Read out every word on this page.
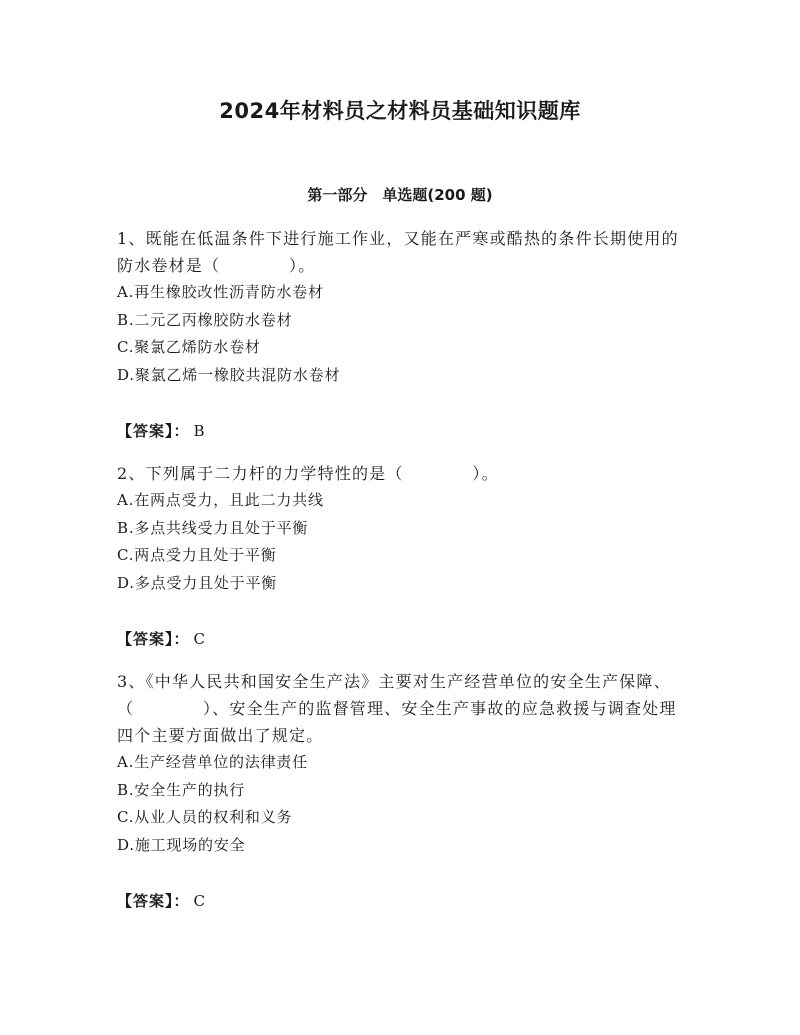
2024年材料员之材料员基础知识题库
第一部分　单选题(200 题)
1、既能在低温条件下进行施工作业，又能在严寒或酷热的条件长期使用的防水卷材是（　　　　）。
A.再生橡胶改性沥青防水卷材
B.二元乙丙橡胶防水卷材
C.聚氯乙烯防水卷材
D.聚氯乙烯一橡胶共混防水卷材
【答案】： B
2、下列属于二力杆的力学特性的是（　　　　）。
A.在两点受力，且此二力共线
B.多点共线受力且处于平衡
C.两点受力且处于平衡
D.多点受力且处于平衡
【答案】： C
3、《中华人民共和国安全生产法》主要对生产经营单位的安全生产保障、（　　　　）、安全生产的监督管理、安全生产事故的应急救援与调查处理四个主要方面做出了规定。
A.生产经营单位的法律责任
B.安全生产的执行
C.从业人员的权利和义务
D.施工现场的安全
【答案】： C
